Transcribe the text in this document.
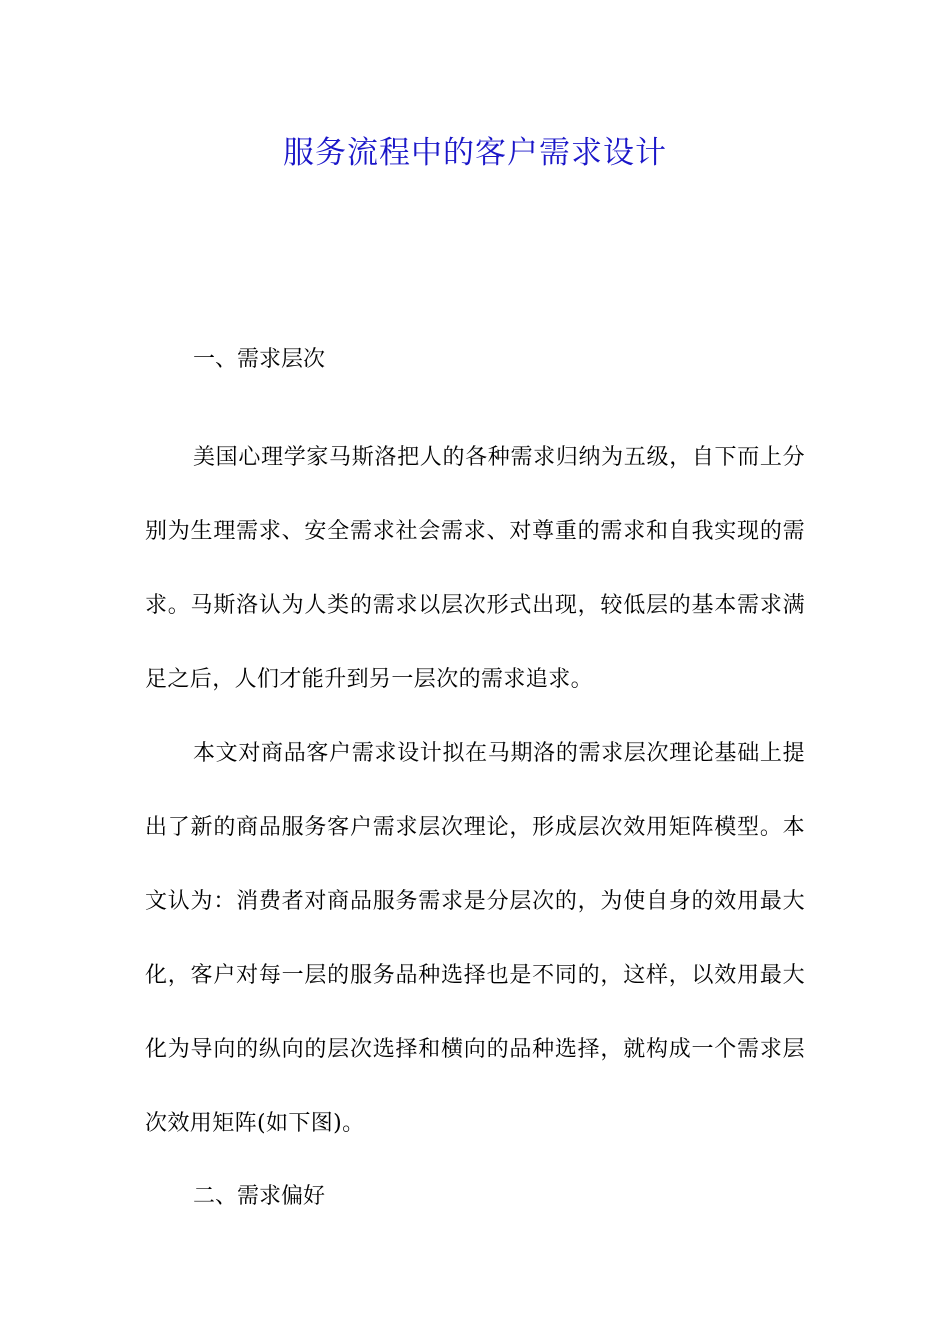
服务流程中的客户需求设计

一、需求层次

美国心理学家马斯洛把人的各种需求归纳为五级，自下而上分别为生理需求、安全需求社会需求、对尊重的需求和自我实现的需求。马斯洛认为人类的需求以层次形式出现，较低层的基本需求满足之后，人们才能升到另一层次的需求追求。

本文对商品客户需求设计拟在马期洛的需求层次理论基础上提出了新的商品服务客户需求层次理论，形成层次效用矩阵模型。本文认为：消费者对商品服务需求是分层次的，为使自身的效用最大化，客户对每一层的服务品种选择也是不同的，这样，以效用最大化为导向的纵向的层次选择和横向的品种选择，就构成一个需求层次效用矩阵(如下图)。

二、需求偏好
